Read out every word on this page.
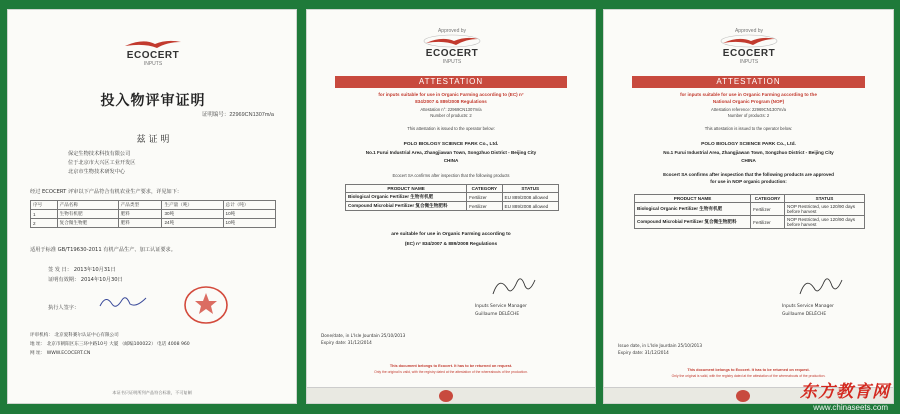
ECOCERT
INPUTS
投入物评审证明
证明编号：22969CN1307m/a
兹 证 明
保定生物技术科技有限公司
位于北京市大兴区工业开发区
北京市生物技术研发中心
经过 ECOCERT 评审以下产品符合有机农业生产要求，详见如下：
序号	产品名称	产品类型	生产量（吨）	总计（吨）
1	生物有机肥	肥料	30吨	10吨
2	复合微生物肥	肥料	24吨	10吨
适用于标准 GB/T19630-2011 有机产品生产、加工认证要求。
签 发 日： 2013年10月31日
证明有效期： 2014年10月30日
执行人签字：
评审机构： 北京爱科赛尔认证中心有限公司
地 址： 北京市朝阳区东三环中路10号 大厦 （邮编100022） 电话 4008 960
网 址： WWW.ECOCERT.CN
本证书只证明所列产品符合标准，不可复制
Approved by
ECOCERT
INPUTS
ATTESTATION
for inputs suitable for use in Organic Farming according to (EC) n°
834/2007 & 889/2008 Regulations
Attestation n°: 22969CN1307m/a
Number of products: 2
This attestation is issued to the operator below:
POLO BIOLOGY SCIENCE PARK Co., Ltd.
No.1 Furui Industrial Area, Zhangjiawan Town, Songzhuo District - Beijing City
CHINA
Ecocert SA confirms after inspection that the following products
PRODUCT NAME	CATEGORY	STATUS
Biological Organic Fertilizer 生物有机肥	Fertilizer	EU 889/2008 allowed
Compound Microbial Fertilizer 复合微生物肥料	Fertilizer	EU 889/2008 allowed
are suitable for use in Organic Farming according to
(EC) n° 834/2007 & 889/2008 Regulations
Inputs Service Manager
Guillaume DELÉCHE
Done/date, in L'Isle Jourdain 25/10/2013
Expiry date: 31/12/2014
This document belongs to Ecocert. It has to be returned on request.
Only the original is valid, with the registry dated at the attestation of the whereabouts of the production.
Approved by
ECOCERT
INPUTS
ATTESTATION
for inputs suitable for use in Organic Farming according to the
National Organic Program (NOP)
Attestation reference: 22969CN1307m/a
Number of products: 2
This attestation is issued to the operator below:
POLO BIOLOGY SCIENCE PARK Co., Ltd.
No.1 Furui Industrial Area, Zhangjiawan Town, Songzhuo District - Beijing City
CHINA
Ecocert SA confirms after inspection that the following products are approved
for use in NOP organic production:
PRODUCT NAME	CATEGORY	STATUS
Biological Organic Fertilizer 生物有机肥	Fertilizer	NOP Restricted, use 120/90 days before harvest
Compound Microbial Fertilizer 复合微生物肥料	Fertilizer	NOP Restricted, use 120/90 days before harvest
Inputs Service Manager
Guillaume DELÉCHE
Issue date, in L'Isle Jourdain 25/10/2013
Expiry date: 31/12/2014
This document belongs to Ecocert. It has to be returned on request.
Only the original is valid, with the registry dated at the attestation of the whereabouts of the production.
东方教育网
www.chinaseets.com
